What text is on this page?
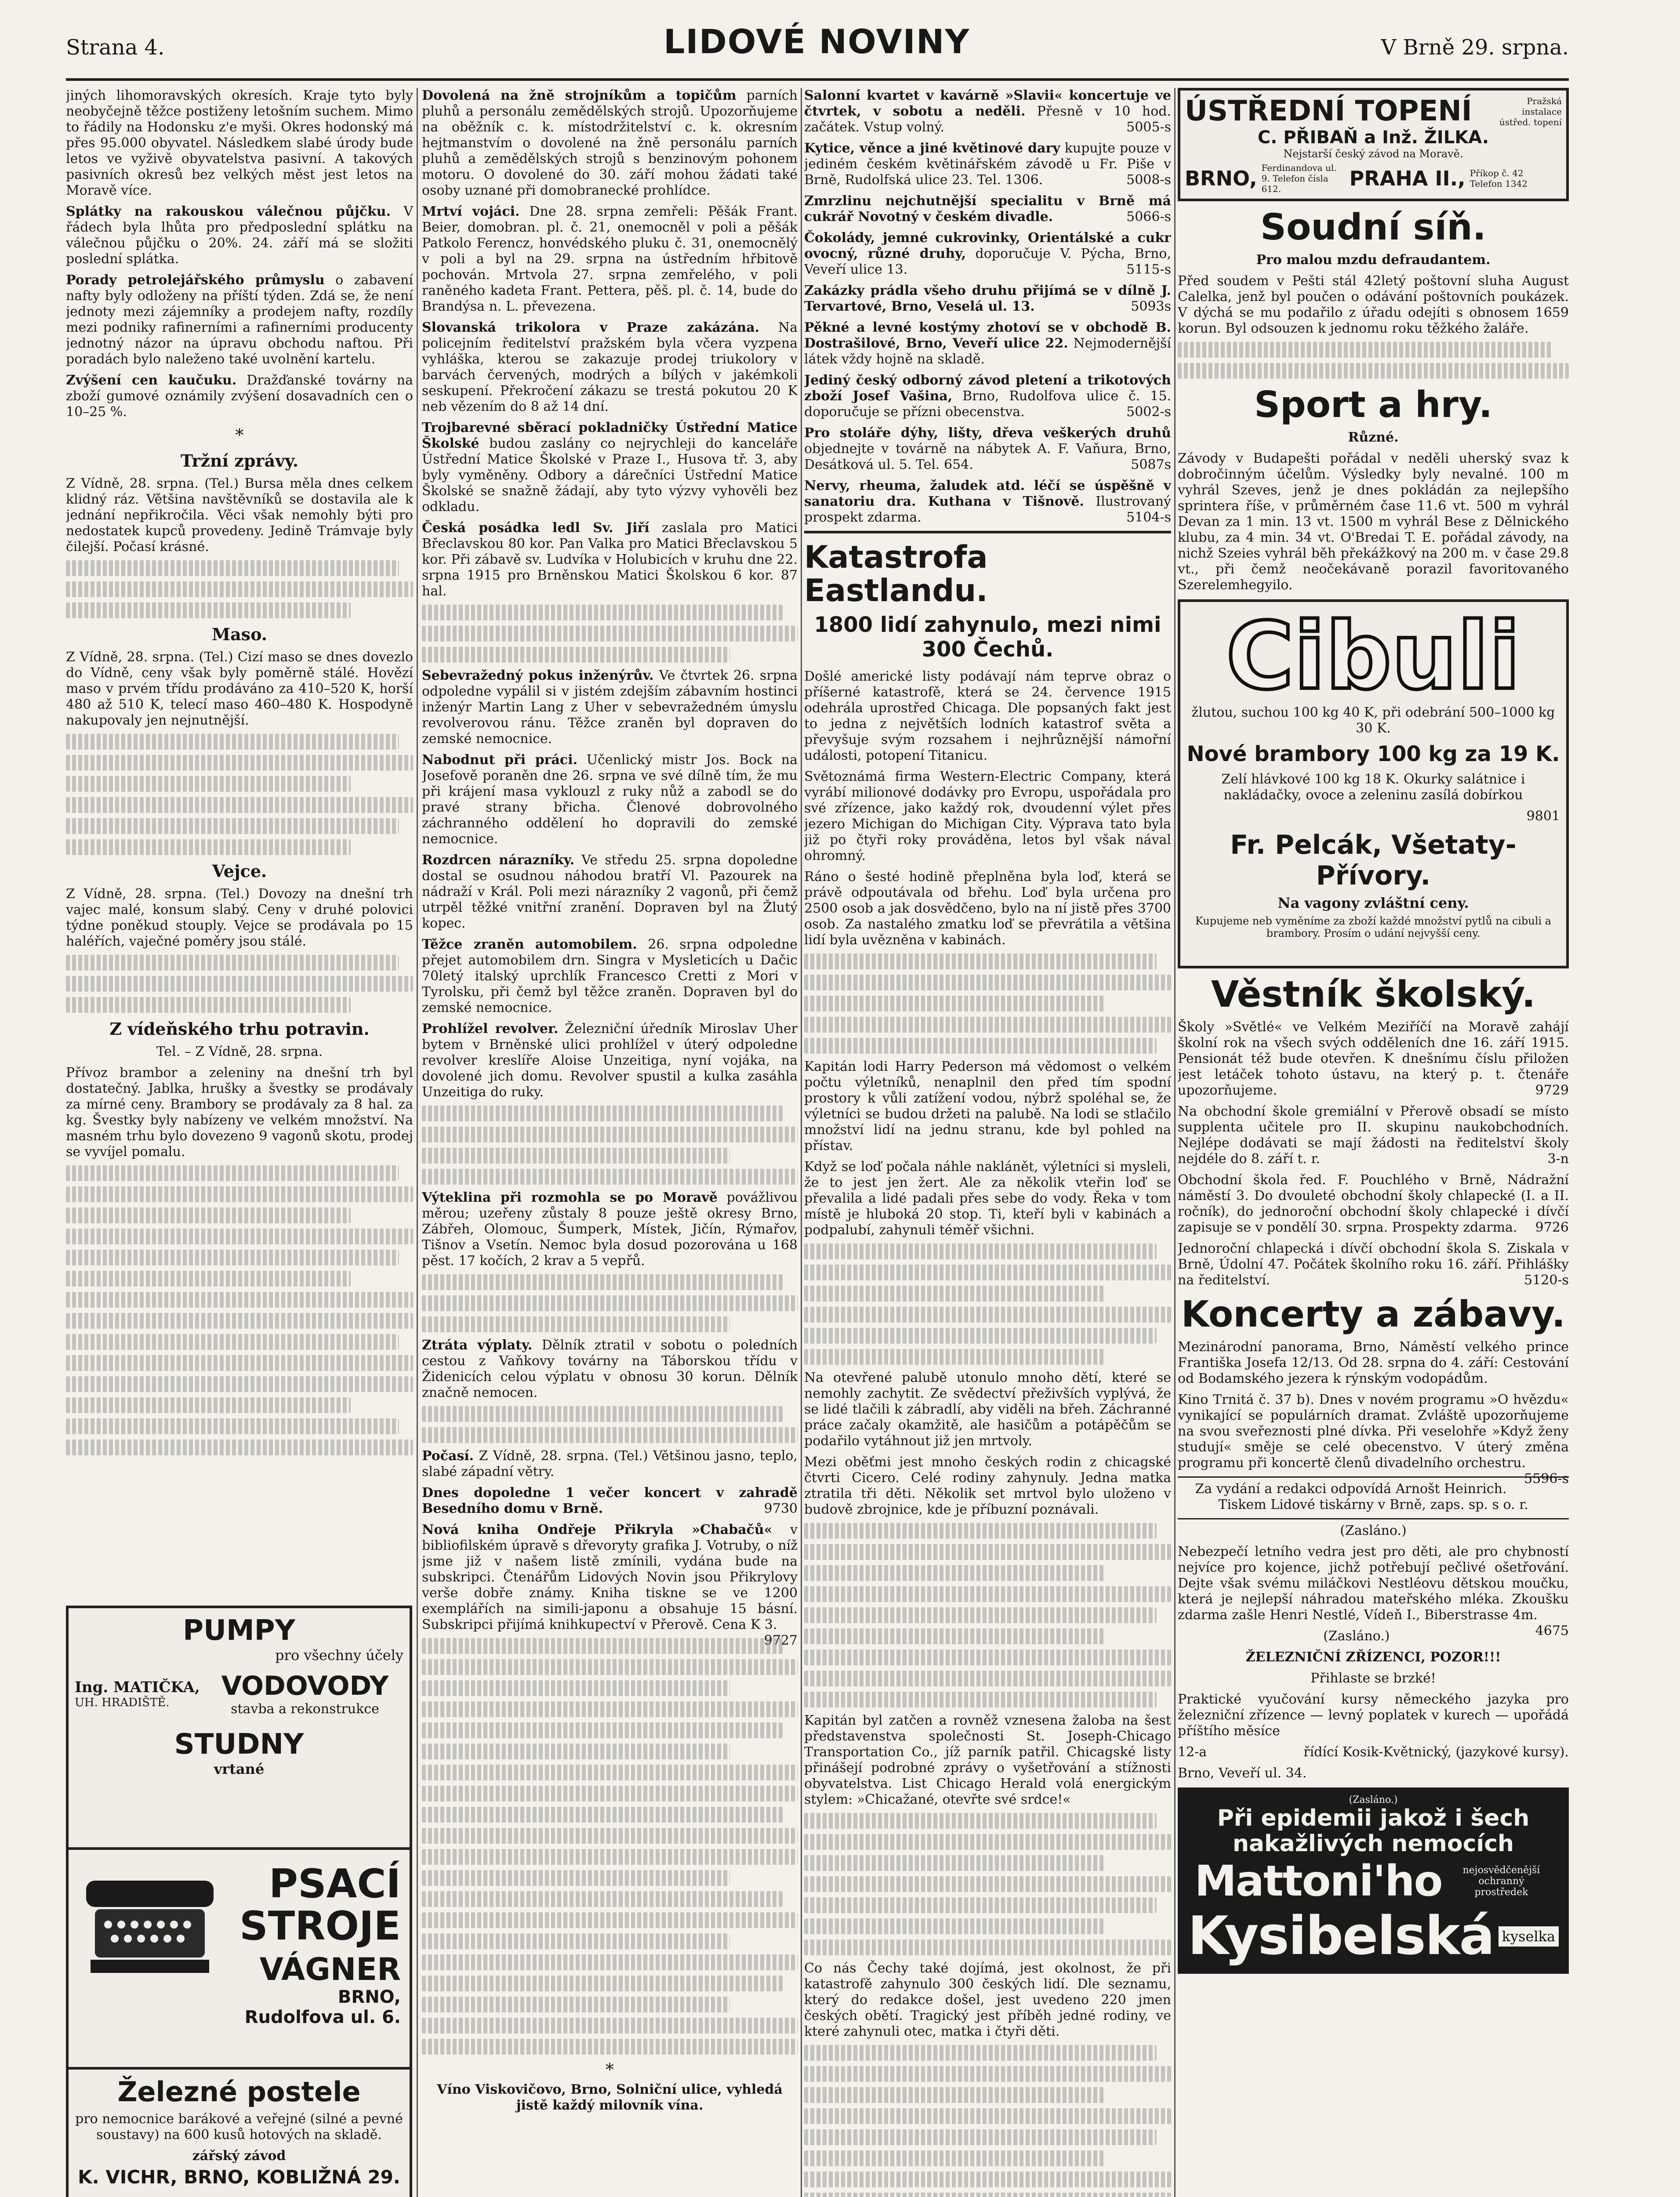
Strana 4.	LIDOVÉ NOVINY	V Brně 29. srpna.

jiných lihomoravských okresích. Kraje tyto byly neobyčejně těžce postiženy letošním suchem. Mimo to řádily na Hodonsku z'e myši. Okres hodonský má přes 95.000 obyvatel. Následkem slabé úrody bude letos ve vyživě obyvatelstva pasivní. A takových pasivních okresů bez velkých měst jest letos na Moravě více.

Splátky na rakouskou válečnou půjčku. V řádech byla lhůta pro předposlední splátku na válečnou půjčku o 20%. 24. září má se složiti poslední splátka.

Porady petrolejářského průmyslu o zabavení nafty byly odloženy na příští týden. Zdá se, že není jednoty mezi zájemníky a prodejem nafty, rozdíly mezi podniky rafinerními a rafinerními producenty jednotný názor na úpravu obchodu naftou. Při poradách bylo naleženo také uvolnění kartelu.

Zvýšení cen kaučuku. Dražďanské továrny na zboží gumové oznámily zvýšení dosavadních cen o 10–25 %.

*
Tržní zprávy.

Z Vídně, 28. srpna. (Tel.) Bursa měla dnes celkem klidný ráz. Většina navštěvníků se dostavila ale k jednání nepřikročila. Věci však nemohly býti pro nedostatek kupců provedeny. Jedině Trámvaje byly čilejší. Počasí krásné.

Maso.

Z Vídně, 28. srpna. (Tel.) Cizí maso se dnes dovezlo do Vídně, ceny však byly poměrně stálé. Hovězí maso v prvém třídu prodáváno za 410–520 K, horší 480 až 510 K, telecí maso 460–480 K. Hospodyně nakupovaly jen nejnutnější.

Vejce.

Z Vídně, 28. srpna. (Tel.) Dovozy na dnešní trh vajec malé, konsum slabý. Ceny v druhé polovici týdne poněkud stouply. Vejce se prodávala po 15 haléřích, vaječné poměry jsou stálé.

Z vídeňského trhu potravin.

Tel. – Z Vídně, 28. srpna.

Přívoz brambor a zeleniny na dnešní trh byl dostatečný. Jablka, hrušky a švestky se prodávaly za mírné ceny. Brambory se prodávaly za 8 hal. za kg. Švestky byly nabízeny ve velkém množství. Na masném trhu bylo dovezeno 9 vagonů skotu, prodej se vyvíjel pomalu.

PUMPY
pro všechny účely
Ing. MATIČKA,
UH. HRADIŠTĚ.
VODOVODY
stavba a rekonstrukce
STUDNY
vrtané
PSACÍ
STROJE
VÁGNER
BRNO,
Rudolfova ul. 6.
Železné postele

pro nemocnice barákové a veřejné (silné a pevné soustavy) na 600 kusů hotových na skladě.

zářský závod
K. VICHR, BRNO, KOBLIŽNÁ 29.

Dovolená na žně strojníkům a topičům parních pluhů a personálu zemědělských strojů. Upozorňujeme na oběžník c. k. místodržitelství c. k. okresním hejtmanstvím o dovolené na žně personálu parních pluhů a zemědělských strojů s benzinovým pohonem motoru. O dovolené do 30. září mohou žádati také osoby uznané při domobranecké prohlídce.

Mrtví vojáci. Dne 28. srpna zemřeli: Pěšák Frant. Beier, domobran. pl. č. 21, onemocněl v poli a pěšák Patkolo Ferencz, honvédského pluku č. 31, onemocnělý v poli a byl na 29. srpna na ústředním hřbitově pochován. Mrtvola 27. srpna zemřelého, v poli raněného kadeta Frant. Pettera, pěš. pl. č. 14, bude do Brandýsa n. L. převezena.

Slovanská trikolora v Praze zakázána. Na policejním ředitelství pražském byla včera vyzpena vyhláška, kterou se zakazuje prodej triukolory v barvách červených, modrých a bílých v jakémkoli seskupení. Překročení zákazu se trestá pokutou 20 K neb vězením do 8 až 14 dní.

Trojbarevné sběrací pokladničky Ústřední Matice Školské budou zaslány co nejrychleji do kanceláře Ústřední Matice Školské v Praze I., Husova tř. 3, aby byly vyměněny. Odbory a dárečníci Ústřední Matice Školské se snažně žádají, aby tyto výzvy vyhověli bez odkladu.

Česká posádka ledl Sv. Jiří zaslala pro Matici Břeclavskou 80 kor. Pan Valka pro Matici Břeclavskou 5 kor. Při zábavě sv. Ludvíka v Holubicích v kruhu dne 22. srpna 1915 pro Brněnskou Matici Školskou 6 kor. 87 hal.

Sebevražedný pokus inženýrův. Ve čtvrtek 26. srpna odpoledne vypálil si v jistém zdejším zábavním hostinci inženýr Martin Lang z Uher v sebevražedném úmyslu revolverovou ránu. Těžce zraněn byl dopraven do zemské nemocnice.

Nabodnut při práci. Učenlický mistr Jos. Bock na Josefově poraněn dne 26. srpna ve své dílně tím, že mu při krájení masa vyklouzl z ruky nůž a zabodl se do pravé strany břicha. Členové dobrovolného záchranného oddělení ho dopravili do zemské nemocnice.

Rozdrcen nárazníky. Ve středu 25. srpna dopoledne dostal se osudnou náhodou bratří Vl. Pazourek na nádraží v Král. Poli mezi nárazníky 2 vagonů, při čemž utrpěl těžké vnitřní zranění. Dopraven byl na Žlutý kopec.

Těžce zraněn automobilem. 26. srpna odpoledne přejet automobilem drn. Singra v Mysleticích u Dačic 70letý italský uprchlík Francesco Cretti z Mori v Tyrolsku, při čemž byl těžce zraněn. Dopraven byl do zemské nemocnice.

Prohlížel revolver. Železniční úředník Miroslav Uher bytem v Brněnské ulici prohlížel v úterý odpoledne revolver kreslíře Aloise Unzeitiga, nyní vojáka, na dovolené jich domu. Revolver spustil a kulka zasáhla Unzeitiga do ruky.

Výteklina při rozmohla se po Moravě povážlivou měrou; uzeřeny zůstaly 8 pouze ještě okresy Brno, Zábřeh, Olomouc, Šumperk, Místek, Jičín, Rýmařov, Tišnov a Vsetín. Nemoc byla dosud pozorována u 168 pěst. 17 kočích, 2 krav a 5 vepřů.

Ztráta výplaty. Dělník ztratil v sobotu o poledních cestou z Vaňkovy továrny na Táborskou třídu v Židenicích celou výplatu v obnosu 30 korun. Dělník značně nemocen.

Počasí. Z Vídně, 28. srpna. (Tel.) Většinou jasno, teplo, slabé západní větry.

Dnes dopoledne 1 večer koncert v zahradě Besedního domu v Brně.	9730

Nová kniha Ondřeje Přikryla »Chabačů« v bibliofilském úpravě s dřevoryty grafika J. Votruby, o níž jsme již v našem listě zmínili, vydána bude na subskripci. Čtenářům Lidových Novin jsou Přikrylovy verše dobře známy. Kniha tiskne se ve 1200 exemplářích na simili-japonu a obsahuje 15 básní. Subskripci přijímá knihkupectví v Přerově. Cena K 3.
9727

*

Víno Viskovičovo, Brno, Solniční ulice, vyhledá jistě každý milovník vína.

Salonní kvartet v kavárně »Slavii« koncertuje ve čtvrtek, v sobotu a neděli. Přesně v 10 hod. začátek. Vstup volný.	5005-s

Kytice, věnce a jiné květinové dary kupujte pouze v jediném českém květinářském závodě u Fr. Piše v Brně, Rudolfská ulice 23. Tel. 1306.	5008-s

Zmrzlinu nejchutnější specialitu v Brně má cukrář Novotný v českém divadle.	5066-s

Čokolády, jemné cukrovinky, Orientálské a cukr ovocný, různé druhy, doporučuje V. Pýcha, Brno, Veveří ulice 13.	5115-s

Zakázky prádla všeho druhu přijímá se v dílně J. Tervartové, Brno, Veselá ul. 13.	5093s

Pěkné a levné kostýmy zhotoví se v obchodě B. Dostrašilové, Brno, Veveří ulice 22. Nejmodernější látek vždy hojně na skladě.

Jediný český odborný závod pletení a trikotových zboží Josef Vašina, Brno, Rudolfova ulice č. 15. doporučuje se přízni obecenstva.	5002-s

Pro stoláře dýhy, lišty, dřeva veškerých druhů objednejte v továrně na nábytek A. F. Vaňura, Brno, Desátková ul. 5. Tel. 654.	5087s

Nervy, rheuma, žaludek atd. léčí se úspěšně v sanatoriu dra. Kuthana v Tišnově. Ilustrovaný prospekt zdarma.	5104-s

Katastrofa Eastlandu.
1800 lidí zahynulo, mezi nimi 300 Čechů.

Došlé americké listy podávají nám teprve obraz o příšerné katastrofě, která se 24. července 1915 odehrála uprostřed Chicaga. Dle popsaných fakt jest to jedna z největších lodních katastrof světa a převyšuje svým rozsahem i nejhrůznější námořní události, potopení Titanicu.

Světoznámá firma Western-Electric Company, která vyrábí milionové dodávky pro Evropu, uspořádala pro své zřízence, jako každý rok, dvoudenní výlet přes jezero Michigan do Michigan City. Výprava tato byla již po čtyři roky prováděna, letos byl však nával ohromný.

Ráno o šesté hodině přeplněna byla loď, která se právě odpoutávala od břehu. Loď byla určena pro 2500 osob a jak dosvědčeno, bylo na ní jistě přes 3700 osob. Za nastalého zmatku loď se převrátila a většina lidí byla uvězněna v kabinách.

Kapitán lodi Harry Pederson má vědomost o velkém počtu výletníků, nenaplnil den před tím spodní prostory k vůli zatížení vodou, nýbrž spoléhal se, že výletníci se budou držeti na palubě. Na lodi se stlačilo množství lidí na jednu stranu, kde byl pohled na přístav.

Když se loď počala náhle naklánět, výletníci si mysleli, že to jest jen žert. Ale za několik vteřin loď se převalila a lidé padali přes sebe do vody. Řeka v tom místě je hluboká 20 stop. Ti, kteří byli v kabinách a podpalubí, zahynuli téměř všichni.

Na otevřené palubě utonulo mnoho dětí, které se nemohly zachytit. Ze svědectví přeživších vyplývá, že se lidé tlačili k zábradlí, aby viděli na břeh. Záchranné práce začaly okamžitě, ale hasičům a potápěčům se podařilo vytáhnout již jen mrtvoly.

Mezi oběťmi jest mnoho českých rodin z chicagské čtvrti Cicero. Celé rodiny zahynuly. Jedna matka ztratila tři děti. Několik set mrtvol bylo uloženo v budově zbrojnice, kde je příbuzní poznávali.

Kapitán byl zatčen a rovněž vznesena žaloba na šest představenstva společnosti St. Joseph-Chicago Transportation Co., jíž parník patřil. Chicagské listy přinášejí podrobné zprávy o vyšetřování a stížnosti obyvatelstva. List Chicago Herald volá energickým stylem: »Chicažané, otevřte své srdce!«

Co nás Čechy také dojímá, jest okolnost, že při katastrofě zahynulo 300 českých lidí. Dle seznamu, který do redakce došel, jest uvedeno 220 jmen českých obětí. Tragický jest příběh jedné rodiny, ve které zahynuli otec, matka i čtyři děti.

ÚSTŘEDNÍ TOPENÍ	Pražská instalace ústřed. topení
C. PŘIBAŇ a Inž. ŽILKA.
Nejstarší český závod na Moravě.
BRNO, Ferdinandova ul. 9. Telefon čísla 612.	PRAHA II., Příkop č. 42 Telefon 1342
Soudní síň.

Pro malou mzdu defraudantem.

Před soudem v Pešti stál 42letý poštovní sluha August Calelka, jenž byl poučen o odávání poštovních poukázek. V dýchá se mu podařilo z úřadu odejíti s obnosem 1659 korun. Byl odsouzen k jednomu roku těžkého žaláře.

Sport a hry.

Různé.

Závody v Budapešti pořádal v neděli uherský svaz k dobročinným účelům. Výsledky byly nevalné. 100 m vyhrál Szeves, jenž je dnes pokládán za nejlepšího sprintera říše, v průměrném čase 11.6 vt. 500 m vyhrál Devan za 1 min. 13 vt. 1500 m vyhrál Bese z Dělnického klubu, za 4 min. 34 vt. O'Bredai T. E. pořádal závody, na nichž Szeies vyhrál běh překážkový na 200 m. v čase 29.8 vt., při čemž neočekávaně porazil favoritovaného Szerelemhegyilo.

Cibuli

žlutou, suchou 100 kg 40 K, při odebrání 500–1000 kg 30 K.

Nové brambory 100 kg za 19 K.

Zelí hlávkové 100 kg 18 K. Okurky salátnice i nakládačky, ovoce a zeleninu zasílá dobírkou

9801

Fr. Pelcák, Všetaty-Přívory.
Na vagony zvláštní ceny.

Kupujeme neb vyměníme za zboží každé množství pytlů na cibuli a brambory. Prosím o udání nejvyšší ceny.

Věstník školský.

Školy »Světlé« ve Velkém Meziříčí na Moravě zahájí školní rok na všech svých odděleních dne 16. září 1915. Pensionát též bude otevřen. K dnešnímu číslu přiložen jest letáček tohoto ústavu, na který p. t. čtenáře upozorňujeme.	9729

Na obchodní škole gremiální v Přerově obsadí se místo supplenta učitele pro II. skupinu naukobchodních. Nejlépe dodávati se mají žádosti na ředitelství školy nejdéle do 8. září t. r.	3-n

Obchodní škola řed. F. Pouchlého v Brně, Nádražní náměstí 3. Do dvouleté obchodní školy chlapecké (I. a II. ročník), do jednoroční obchodní školy chlapecké i dívčí zapisuje se v pondělí 30. srpna. Prospekty zdarma. 9726

Jednoroční chlapecká i dívčí obchodní škola S. Ziskala v Brně, Údolní 47. Počátek školního roku 16. září. Přihlášky na ředitelství.	5120-s

Koncerty a zábavy.

Mezinárodní panorama, Brno, Náměstí velkého prince Františka Josefa 12/13. Od 28. srpna do 4. září: Cestování od Bodamského jezera k rýnským vodopádům.

Kino Trnitá č. 37 b). Dnes v novém programu »O hvězdu« vynikající se populárních dramat. Zvláště upozorňujeme na svou sveřeznosti plné dívka. Při veselohře »Když ženy studují« směje se celé obecenstvo. V úterý změna programu při koncertě členů divadelního orchestru.
5596-s

Za vydání a redakci odpovídá Arnošt Heinrich. Tiskem Lidové tiskárny v Brně, zaps. sp. s o. r.

(Zasláno.)

Nebezpečí letního vedra jest pro děti, ale pro chybností nejvíce pro kojence, jichž potřebují pečlivé ošetřování. Dejte však svému miláčkovi Nestléovu dětskou moučku, která je nejlepší náhradou mateřského mléka. Zkoušku zdarma zašle Henri Nestlé, Vídeň I., Biberstrasse 4m.
4675

(Zasláno.)

ŽELEZNIČNÍ ZŘÍZENCI, POZOR!!!

Přihlaste se brzké!

Praktické vyučování kursy německého jazyka pro železniční zřízence — levný poplatek v kurech — upořádá příštího měsíce

12-a	řídící Kosik-Květnický, (jazykové kursy).

Brno, Veveří ul. 34.

(Zasláno.)
Při epidemii jakož i šech nakažlivých nemocích
Mattoni'ho	nejosvědčenější ochranný prostředek
Kysibelská kyselka
